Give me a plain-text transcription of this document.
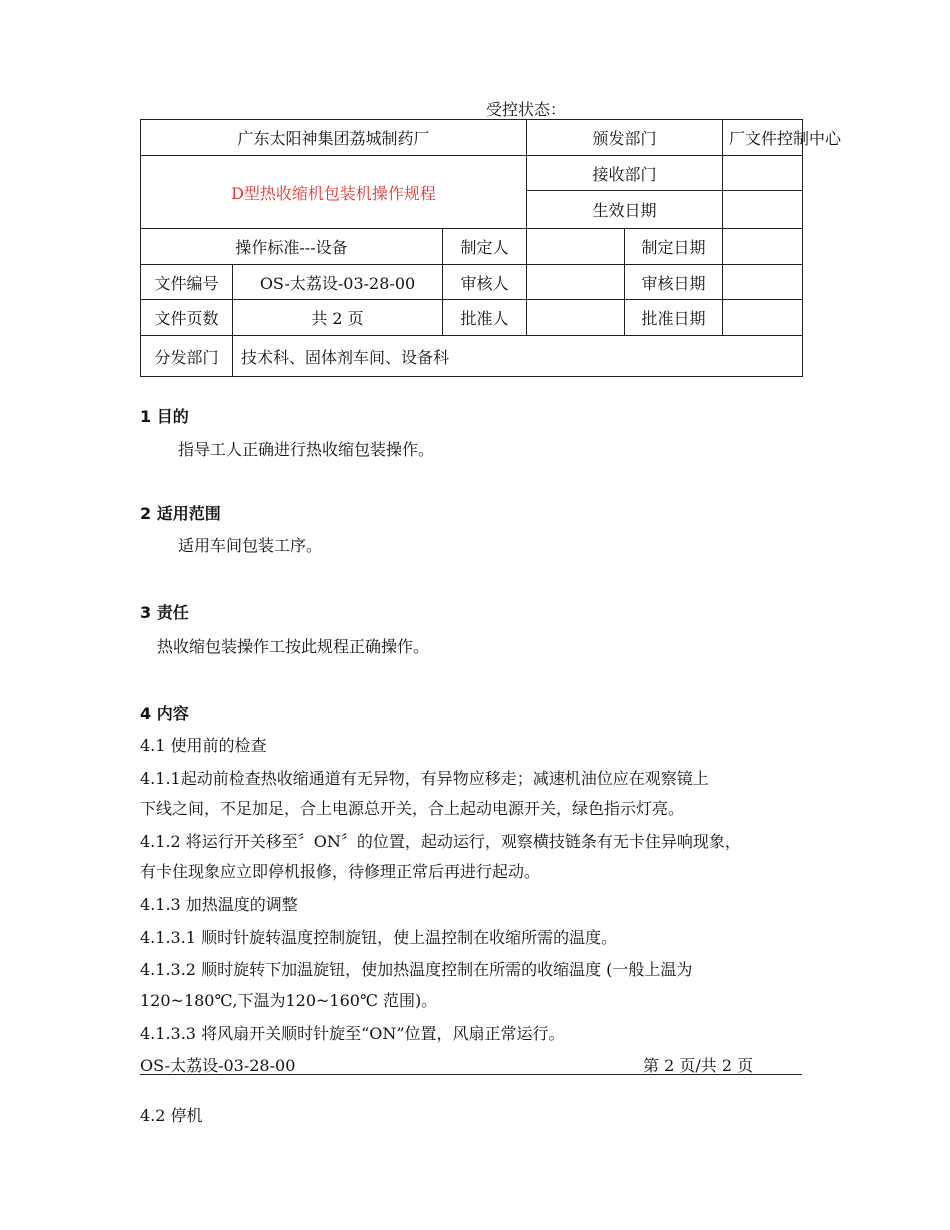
受控状态：
广东太阳神集团荔城制药厂	颁发部门	厂文件控制中心
D型热收缩机包装机操作规程	接收部门	
	生效日期	
操作标准---设备		制定人		制定日期	
文件编号	OS-太荔设-03-28-00	审核人		审核日期	
文件页数	共 2 页	批准人		批准日期	
分发部门	技术科、固体剂车间、设备科				
1 目的
指导工人正确进行热收缩包装操作。
2 适用范围
适用车间包装工序。
3 责任
热收缩包装操作工按此规程正确操作。
4 内容
4.1 使用前的检查
4.1.1起动前检查热收缩通道有无异物，有异物应移走；减速机油位应在观察镜上
下线之间，不足加足，合上电源总开关，合上起动电源开关，绿色指示灯亮。
4.1.2 将运行开关移至〞ON〞的位置，起动运行，观察横技链条有无卡住异响现象，
有卡住现象应立即停机报修，待修理正常后再进行起动。
4.1.3 加热温度的调整
4.1.3.1 顺时针旋转温度控制旋钮，使上温控制在收缩所需的温度。
4.1.3.2 顺时旋转下加温旋钮，使加热温度控制在所需的收缩温度 (一般上温为
120~180℃,下温为120~160℃ 范围)。
4.1.3.3 将风扇开关顺时针旋至“ON”位置，风扇正常运行。
OS-太荔设-03-28-00	第 2 页/共 2 页
4.2 停机
